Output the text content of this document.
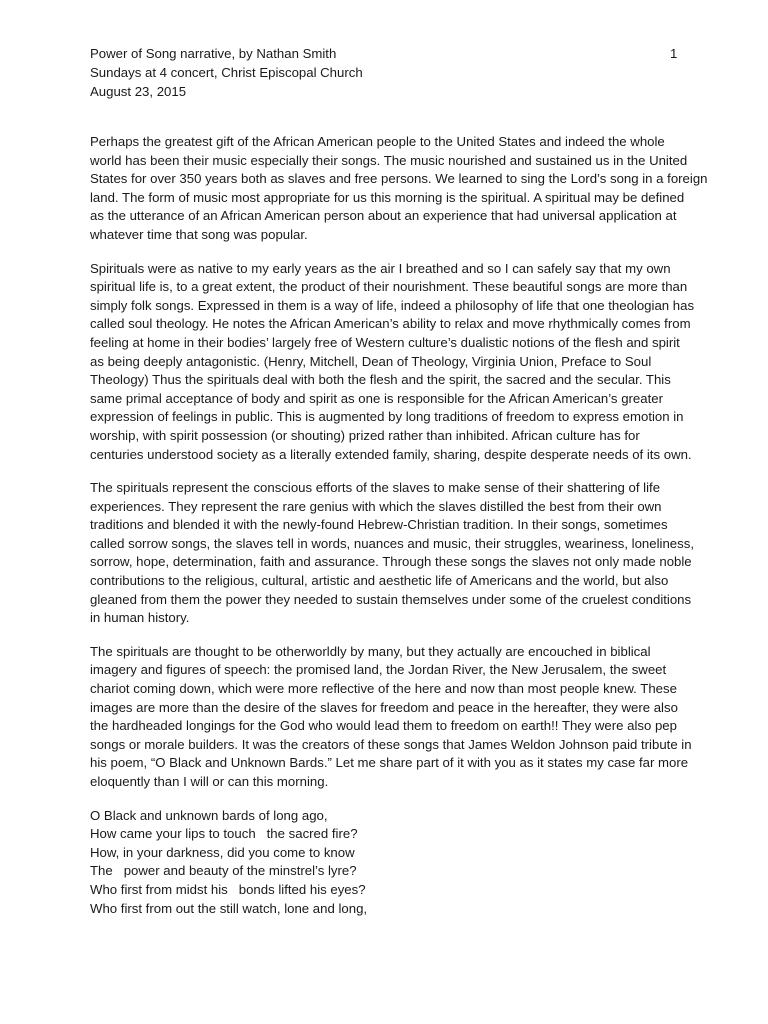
Power of Song narrative, by Nathan Smith
Sundays at 4 concert, Christ Episcopal Church
August 23, 2015
1
Perhaps the greatest gift of the African American people to the United States and indeed the whole
world has been their music especially their songs. The music nourished and sustained us in the United
States for over 350 years both as slaves and free persons. We learned to sing the Lord’s song in a foreign
land. The form of music most appropriate for us this morning is the spiritual. A spiritual may be defined
as the utterance of an African American person about an experience that had universal application at
whatever time that song was popular.
Spirituals were as native to my early years as the air I breathed and so I can safely say that my own
spiritual life is, to a great extent, the product of their nourishment. These beautiful songs are more than
simply folk songs. Expressed in them is a way of life, indeed a philosophy of life that one theologian has
called soul theology. He notes the African American’s ability to relax and move rhythmically comes from
feeling at home in their bodies’ largely free of Western culture’s dualistic notions of the flesh and spirit
as being deeply antagonistic. (Henry, Mitchell, Dean of Theology, Virginia Union, Preface to Soul
Theology) Thus the spirituals deal with both the flesh and the spirit, the sacred and the secular. This
same primal acceptance of body and spirit as one is responsible for the African American’s greater
expression of feelings in public. This is augmented by long traditions of freedom to express emotion in
worship, with spirit possession (or shouting) prized rather than inhibited. African culture has for
centuries understood society as a literally extended family, sharing, despite desperate needs of its own.
The spirituals represent the conscious efforts of the slaves to make sense of their shattering of life
experiences. They represent the rare genius with which the slaves distilled the best from their own
traditions and blended it with the newly-found Hebrew-Christian tradition. In their songs, sometimes
called sorrow songs, the slaves tell in words, nuances and music, their struggles, weariness, loneliness,
sorrow, hope, determination, faith and assurance. Through these songs the slaves not only made noble
contributions to the religious, cultural, artistic and aesthetic life of Americans and the world, but also
gleaned from them the power they needed to sustain themselves under some of the cruelest conditions
in human history.
The spirituals are thought to be otherworldly by many, but they actually are encouched in biblical
imagery and figures of speech: the promised land, the Jordan River, the New Jerusalem, the sweet
chariot coming down, which were more reflective of the here and now than most people knew. These
images are more than the desire of the slaves for freedom and peace in the hereafter, they were also
the hardheaded longings for the God who would lead them to freedom on earth!! They were also pep
songs or morale builders. It was the creators of these songs that James Weldon Johnson paid tribute in
his poem, “O Black and Unknown Bards.” Let me share part of it with you as it states my case far more
eloquently than I will or can this morning.
O Black and unknown bards of long ago,
How came your lips to touch   the sacred fire?
How, in your darkness, did you come to know
The   power and beauty of the minstrel’s lyre?
Who first from midst his   bonds lifted his eyes?
Who first from out the still watch, lone and long,
